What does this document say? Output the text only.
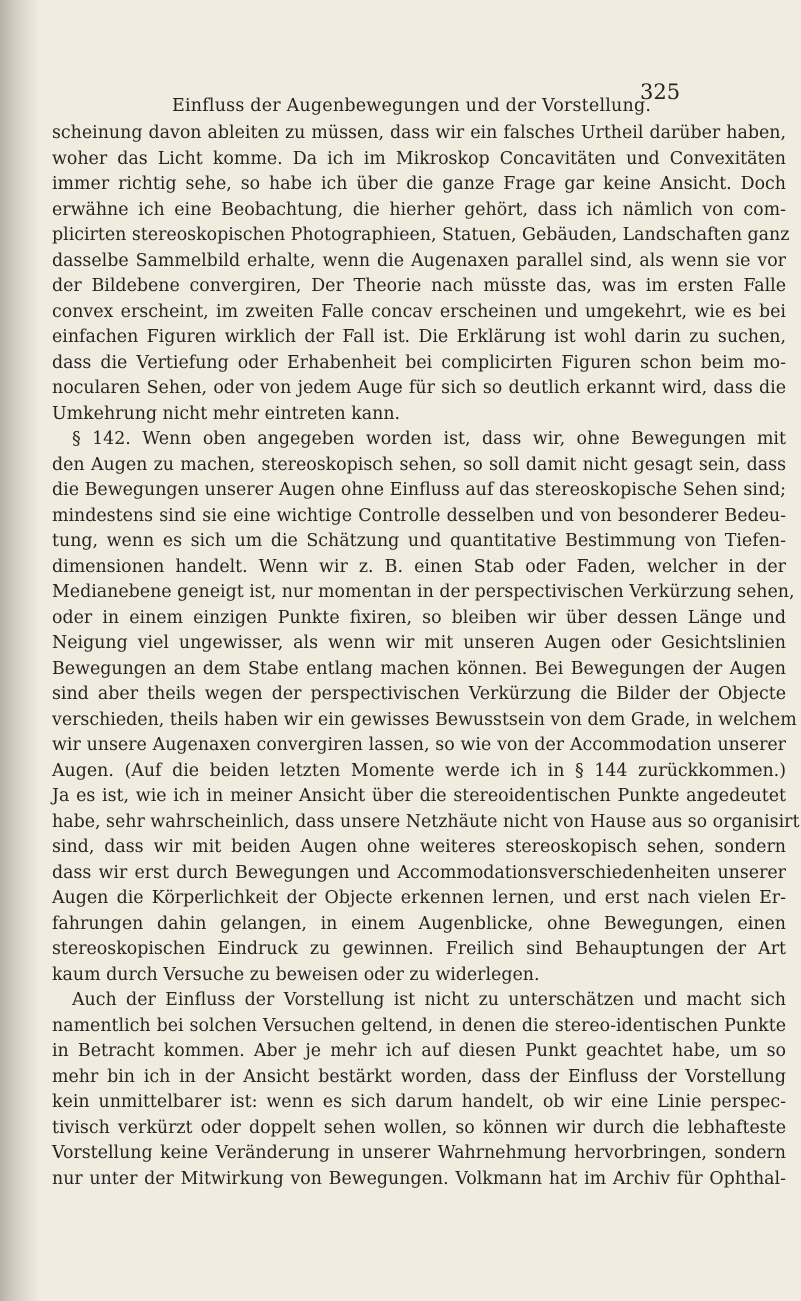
Einfluss der Augenbewegungen und der Vorstellung.
325
scheinung davon ableiten zu müssen, dass wir ein falsches Urtheil darüber haben,
woher das Licht komme. Da ich im Mikroskop Concavitäten und Convexitäten
immer richtig sehe, so habe ich über die ganze Frage gar keine Ansicht. Doch
erwähne ich eine Beobachtung, die hierher gehört, dass ich nämlich von com-
plicirten stereoskopischen Photographieen, Statuen, Gebäuden, Landschaften ganz
dasselbe Sammelbild erhalte, wenn die Augenaxen parallel sind, als wenn sie vor
der Bildebene convergiren, Der Theorie nach müsste das, was im ersten Falle
convex erscheint, im zweiten Falle concav erscheinen und umgekehrt, wie es bei
einfachen Figuren wirklich der Fall ist. Die Erklärung ist wohl darin zu suchen,
dass die Vertiefung oder Erhabenheit bei complicirten Figuren schon beim mo-
nocularen Sehen, oder von jedem Auge für sich so deutlich erkannt wird, dass die
Umkehrung nicht mehr eintreten kann.
§ 142. Wenn oben angegeben worden ist, dass wir, ohne Bewegungen mit
den Augen zu machen, stereoskopisch sehen, so soll damit nicht gesagt sein, dass
die Bewegungen unserer Augen ohne Einfluss auf das stereoskopische Sehen sind;
mindestens sind sie eine wichtige Controlle desselben und von besonderer Bedeu-
tung, wenn es sich um die Schätzung und quantitative Bestimmung von Tiefen-
dimensionen handelt. Wenn wir z. B. einen Stab oder Faden, welcher in der
Medianebene geneigt ist, nur momentan in der perspectivischen Verkürzung sehen,
oder in einem einzigen Punkte fixiren, so bleiben wir über dessen Länge und
Neigung viel ungewisser, als wenn wir mit unseren Augen oder Gesichtslinien
Bewegungen an dem Stabe entlang machen können. Bei Bewegungen der Augen
sind aber theils wegen der perspectivischen Verkürzung die Bilder der Objecte
verschieden, theils haben wir ein gewisses Bewusstsein von dem Grade, in welchem
wir unsere Augenaxen convergiren lassen, so wie von der Accommodation unserer
Augen. (Auf die beiden letzten Momente werde ich in § 144 zurückkommen.)
Ja es ist, wie ich in meiner Ansicht über die stereoidentischen Punkte angedeutet
habe, sehr wahrscheinlich, dass unsere Netzhäute nicht von Hause aus so organisirt
sind, dass wir mit beiden Augen ohne weiteres stereoskopisch sehen, sondern
dass wir erst durch Bewegungen und Accommodationsverschiedenheiten unserer
Augen die Körperlichkeit der Objecte erkennen lernen, und erst nach vielen Er-
fahrungen dahin gelangen, in einem Augenblicke, ohne Bewegungen, einen
stereoskopischen Eindruck zu gewinnen. Freilich sind Behauptungen der Art
kaum durch Versuche zu beweisen oder zu widerlegen.
Auch der Einfluss der Vorstellung ist nicht zu unterschätzen und macht sich
namentlich bei solchen Versuchen geltend, in denen die stereo-identischen Punkte
in Betracht kommen. Aber je mehr ich auf diesen Punkt geachtet habe, um so
mehr bin ich in der Ansicht bestärkt worden, dass der Einfluss der Vorstellung
kein unmittelbarer ist: wenn es sich darum handelt, ob wir eine Linie perspec-
tivisch verkürzt oder doppelt sehen wollen, so können wir durch die lebhafteste
Vorstellung keine Veränderung in unserer Wahrnehmung hervorbringen, sondern
nur unter der Mitwirkung von Bewegungen. Volkmann hat im Archiv für Ophthal-
